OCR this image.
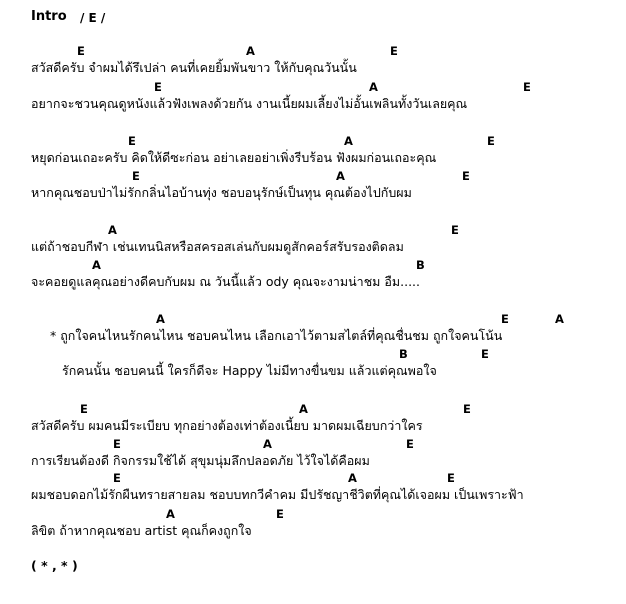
Intro / E /
E	A	E
สวัสดีครับ จำผมได้รึเปล่า คนที่เคยยิ้มพันขาว ให้กับคุณวันนั้น
E	A	E
อยากจะชวนคุณดูหนังแล้วฟังเพลงด้วยกัน งานเนี้ยผมเลี้ยงไม่อั้นเพลินทั้งวันเลยคุณ
E	A	E
หยุดก่อนเถอะครับ คิดให้ดีซะก่อน อย่าเลยอย่าเพิ่งรีบร้อน ฟังผมก่อนเถอะคุณ
E	A	E
หากคุณชอบป่าไม่รักกลิ่นไอบ้านทุ่ง ชอบอนุรักษ์เป็นทุน คุณต้องไปกับผม
A	E
แต่ถ้าชอบกีฬา เช่นเทนนิสหรือสครอสเล่นกับผมดูสักคอร์สรับรองติดลม
A	B
จะคอยดูแลคุณอย่างดีคบกับผม ณ วันนี้แล้ว ody คุณจะงามน่าชม อืม.....
A	E	A
* ถูกใจคนไหนรักคนไหน ชอบคนไหน เลือกเอาไว้ตามสไตล์ที่คุณชื่นชม ถูกใจคนโน้น
B	E
รักคนนั้น ชอบคนนี้ ใครก็ดีจะ Happy ไม่มีทางขื่นขม แล้วแต่คุณพอใจ
E	A	E
สวัสดีครับ ผมคนมีระเบียบ ทุกอย่างต้องเท่าต้องเนี้ยบ มาดผมเฉียบกว่าใคร
E	A	E
การเรียนต้องดี กิจกรรมใช้ได้ สุขุมนุ่มลึกปลอดภัย ไว้ใจได้คือผม
E	A	E
ผมชอบดอกไม้รักผืนทรายสายลม ชอบบทกวีคำคม มีปรัชญาชีวิตที่คุณได้เจอผม เป็นเพราะฟ้า
A	E
ลิขิต ถ้าหากคุณชอบ artist คุณก็คงถูกใจ
( * , * )
